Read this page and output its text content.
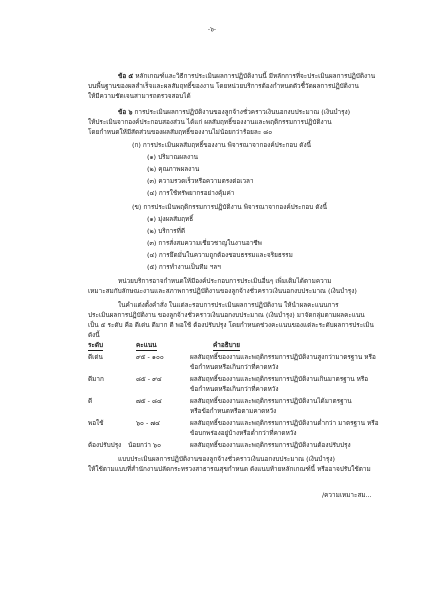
-๖-
ข้อ ๕ หลักเกณฑ์และวิธีการประเมินผลการปฏิบัติงานนี้ มีหลักการที่จะประเมินผลการปฏิบัติงาน
บนพื้นฐานของผลสำเร็จและผลสัมฤทธิ์ของงาน โดยหน่วยบริการต้องกำหนดตัวชี้วัดผลการปฏิบัติงาน
ให้มีความชัดเจนสามารถตรวจสอบได้
ข้อ ๖ การประเมินผลการปฏิบัติงานของลูกจ้างชั่วคราวเงินนอกงบประมาณ (เงินบำรุง)
ให้ประเมินจากองค์ประกอบสองส่วน ได้แก่ ผลสัมฤทธิ์ของงานและพฤติกรรมการปฏิบัติงาน
โดยกำหนดให้มีสัดส่วนของผลสัมฤทธิ์ของงานไม่น้อยกว่าร้อยละ ๘๐
(ก) การประเมินผลสัมฤทธิ์ของงาน พิจารณาจากองค์ประกอบ ดังนี้
(๑) ปริมาณผลงาน
(๒) คุณภาพผลงาน
(๓) ความรวดเร็วหรือความตรงต่อเวลา
(๔) การใช้ทรัพยากรอย่างคุ้มค่า
(ข) การประเมินพฤติกรรมการปฏิบัติงาน พิจารณาจากองค์ประกอบ ดังนี้
(๑) มุ่งผลสัมฤทธิ์
(๒) บริการที่ดี
(๓) การสั่งสมความเชี่ยวชาญในงานอาชีพ
(๔) การยึดมั่นในความถูกต้องชอบธรรมและจริยธรรม
(๕) การทำงานเป็นทีม ฯลฯ
หน่วยบริการอาจกำหนดให้มีองค์ประกอบการประเมินอื่นๆ เพิ่มเติมได้ตามความ
เหมาะสมกับลักษณะงานและสภาพการปฏิบัติงานของลูกจ้างชั่วคราวเงินนอกงบประมาณ (เงินบำรุง)
ในคำแต่งตั้งคำสั่ง ในแต่ละรอบการประเมินผลการปฏิบัติงาน ให้นำผลคะแนนการ
ประเมินผลการปฏิบัติงาน ของลูกจ้างชั่วคราวเงินนอกงบประมาณ (เงินบำรุง) มาจัดกลุ่มตามผลคะแนน
เป็น ๕ ระดับ คือ ดีเด่น ดีมาก ดี พอใช้ ต้องปรับปรุง โดยกำหนดช่วงคะแนนของแต่ละระดับผลการประเมิน
ดังนี้
ระดับ	คะแนน	คำอธิบาย
ดีเด่น	๙๕ - ๑๐๐	ผลสัมฤทธิ์ของงานและพฤติกรรมการปฏิบัติงานสูงกว่ามาตรฐาน หรือ
ข้อกำหนดหรือเกินกว่าที่คาดหวัง
ดีมาก	๘๕ - ๙๔	ผลสัมฤทธิ์ของงานและพฤติกรรมการปฏิบัติงานเกินมาตรฐาน หรือ
ข้อกำหนดหรือเกินกว่าที่คาดหวัง
ดี	๗๕ - ๘๔	ผลสัมฤทธิ์ของงานและพฤติกรรมการปฏิบัติงานได้มาตรฐาน
หรือข้อกำหนดหรือตามคาดหวัง
พอใช้	๖๐ - ๗๔	ผลสัมฤทธิ์ของงานและพฤติกรรมการปฏิบัติงานต่ำกว่า มาตรฐาน หรือ
ข้อบกพร่องอยู่บ้างหรือต่ำกว่าที่คาดหวัง
ต้องปรับปรุง น้อยกว่า ๖๐	ผลสัมฤทธิ์ของงานและพฤติกรรมการปฏิบัติงานต้องปรับปรุง
แบบประเมินผลการปฏิบัติงานของลูกจ้างชั่วคราวเงินนอกงบประมาณ (เงินบำรุง)
ให้ใช้ตามแบบที่สำนักงานปลัดกระทรวงสาธารณสุขกำหนด ดังแนบท้ายหลักเกณฑ์นี้ หรืออาจปรับใช้ตาม
/ความเหมาะสม...
